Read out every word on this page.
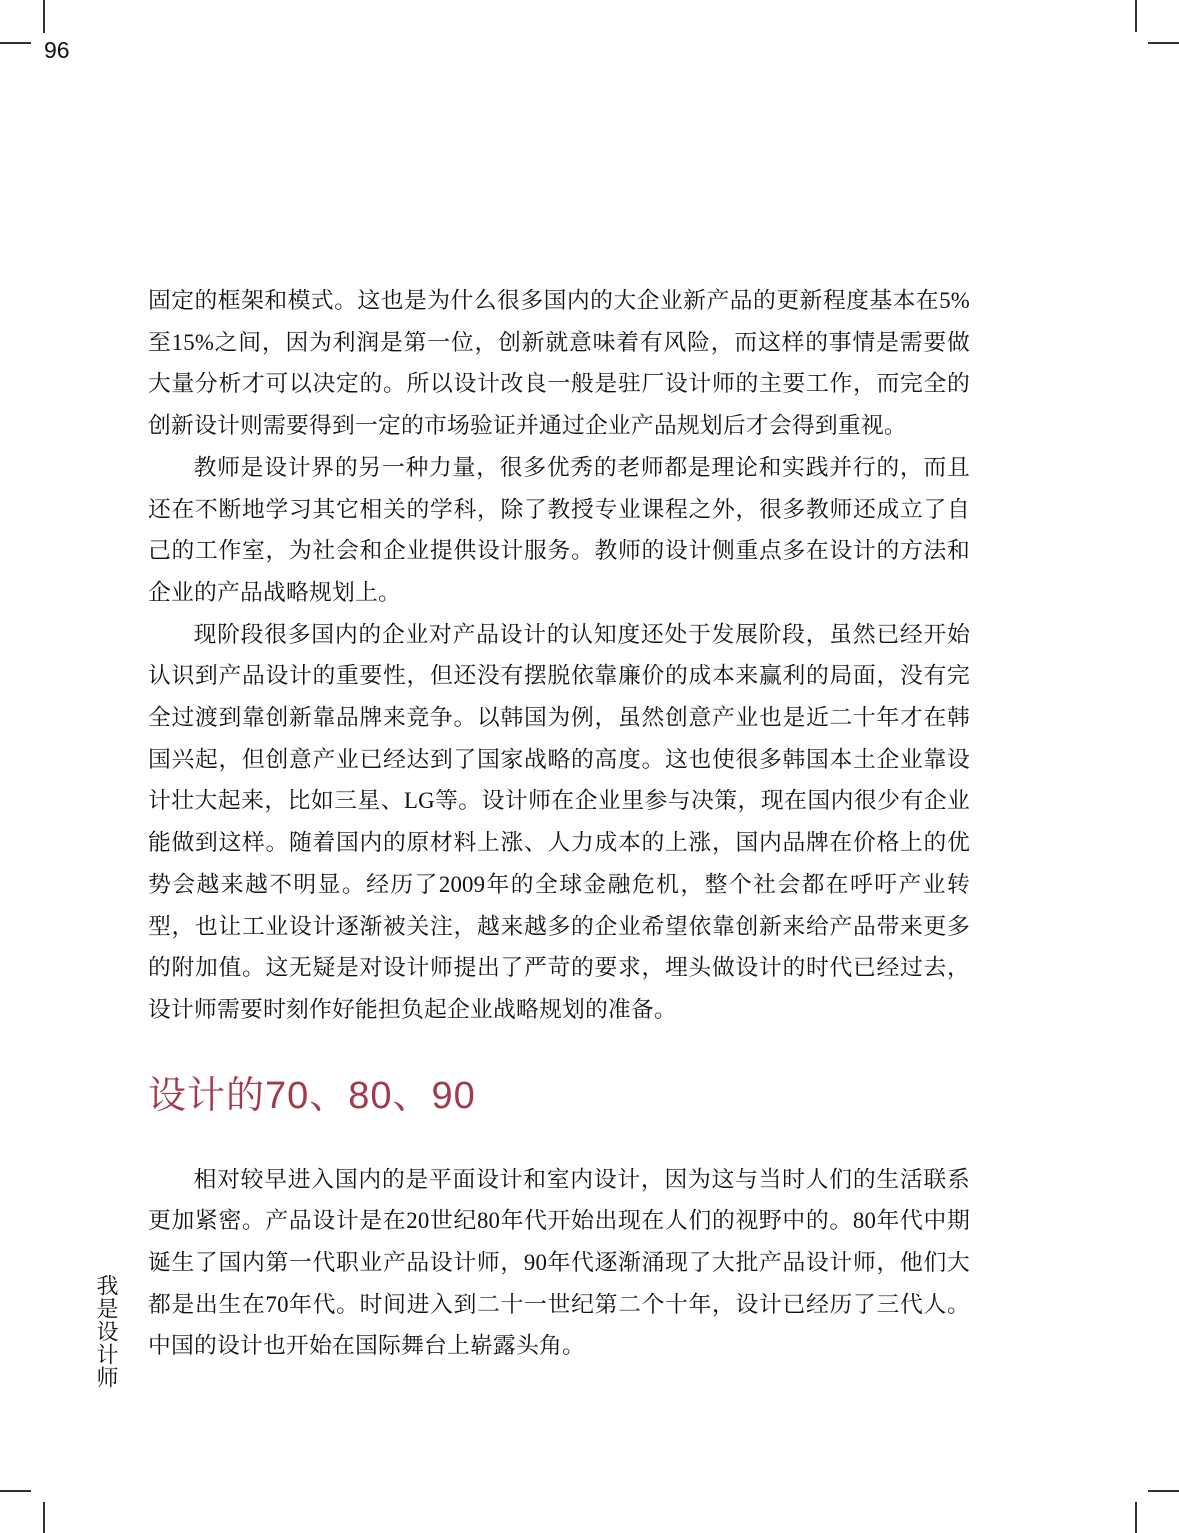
96

固定的框架和模式。这也是为什么很多国内的大企业新产品的更新程度基本在5%至15%之间，因为利润是第一位，创新就意味着有风险，而这样的事情是需要做大量分析才可以决定的。所以设计改良一般是驻厂设计师的主要工作，而完全的创新设计则需要得到一定的市场验证并通过企业产品规划后才会得到重视。

教师是设计界的另一种力量，很多优秀的老师都是理论和实践并行的，而且还在不断地学习其它相关的学科，除了教授专业课程之外，很多教师还成立了自己的工作室，为社会和企业提供设计服务。教师的设计侧重点多在设计的方法和企业的产品战略规划上。

现阶段很多国内的企业对产品设计的认知度还处于发展阶段，虽然已经开始认识到产品设计的重要性，但还没有摆脱依靠廉价的成本来赢利的局面，没有完全过渡到靠创新靠品牌来竞争。以韩国为例，虽然创意产业也是近二十年才在韩国兴起，但创意产业已经达到了国家战略的高度。这也使很多韩国本土企业靠设计壮大起来，比如三星、LG等。设计师在企业里参与决策，现在国内很少有企业能做到这样。随着国内的原材料上涨、人力成本的上涨，国内品牌在价格上的优势会越来越不明显。经历了2009年的全球金融危机，整个社会都在呼吁产业转型，也让工业设计逐渐被关注，越来越多的企业希望依靠创新来给产品带来更多的附加值。这无疑是对设计师提出了严苛的要求，埋头做设计的时代已经过去，设计师需要时刻作好能担负起企业战略规划的准备。

设计的70、80、90

相对较早进入国内的是平面设计和室内设计，因为这与当时人们的生活联系更加紧密。产品设计是在20世纪80年代开始出现在人们的视野中的。80年代中期诞生了国内第一代职业产品设计师，90年代逐渐涌现了大批产品设计师，他们大都是出生在70年代。时间进入到二十一世纪第二个十年，设计已经历了三代人。中国的设计也开始在国际舞台上崭露头角。

我是设计师
